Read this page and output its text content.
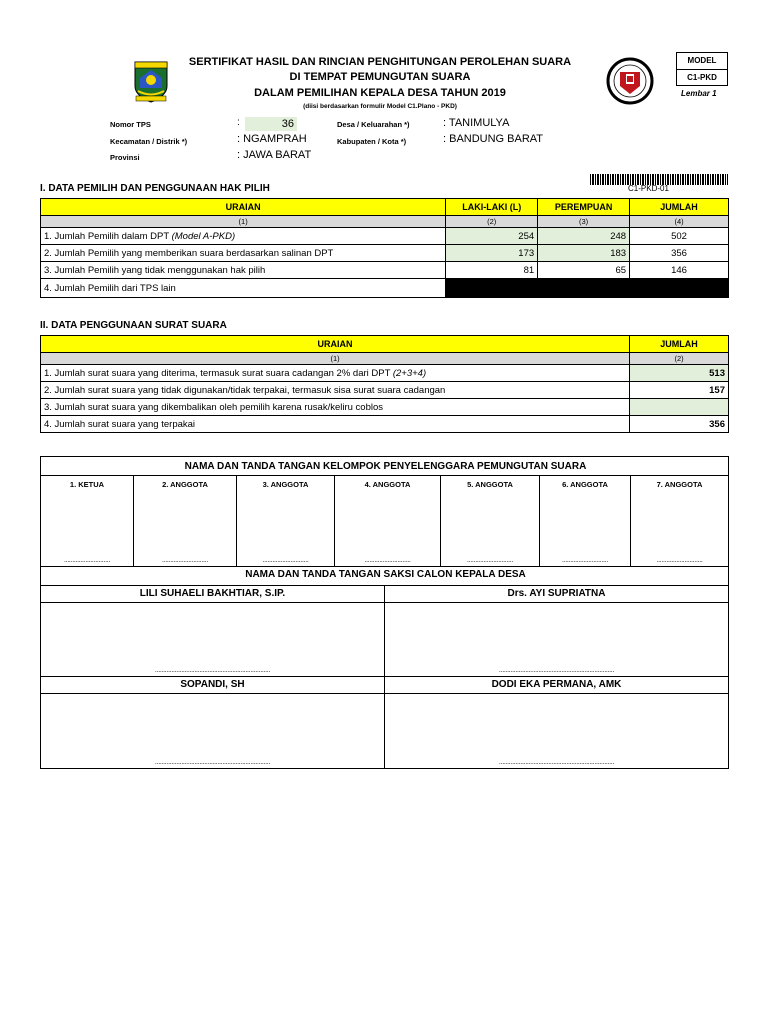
SERTIFIKAT HASIL DAN RINCIAN PENGHITUNGAN PEROLEHAN SUARA
DI TEMPAT PEMUNGUTAN SUARA
DALAM PEMILIHAN KEPALA DESA TAHUN 2019
(diisi berdasarkan formulir Model C1.Plano - PKD)
MODEL
C1-PKD
Lembar 1
Nomor TPS	:	36
Kecamatan / Distrik *)	: NGAMPRAH
Provinsi	: JAWA BARAT
Desa / Keluarahan *)	: TANIMULYA
Kabupaten / Kota *)	: BANDUNG BARAT
C1-PKD-01
I. DATA PEMILIH DAN PENGGUNAAN HAK PILIH
URAIAN	LAKI-LAKI (L)	PEREMPUAN	JUMLAH
(1)	(2)	(3)	(4)
1. Jumlah Pemilih dalam DPT (Model A-PKD)	254	248	502
2. Jumlah Pemilih yang memberikan suara berdasarkan salinan DPT	173	183	356
3. Jumlah Pemilih yang tidak menggunakan hak pilih	81	65	146
4. Jumlah Pemilih dari TPS lain			
II. DATA PENGGUNAAN SURAT SUARA
URAIAN	JUMLAH
(1)	(2)
1. Jumlah surat suara yang diterima, termasuk surat suara cadangan 2% dari DPT (2+3+4)	513
2. Jumlah surat suara yang tidak digunakan/tidak terpakai, termasuk sisa surat suara cadangan	157
3. Jumlah surat suara yang dikembalikan oleh pemilih karena rusak/keliru coblos	
4. Jumlah surat suara yang terpakai	356
NAMA DAN TANDA TANGAN KELOMPOK PENYELENGGARA PEMUNGUTAN SUARA
NAMA DAN TANDA TANGAN SAKSI CALON KEPALA DESA
1. KETUA
............................
2. ANGGOTA
............................
3. ANGGOTA
............................
4. ANGGOTA
............................
5. ANGGOTA
............................
6. ANGGOTA
............................
7. ANGGOTA
............................
LILI SUHAELI BAKHTIAR, S.IP.	Drs. AYI SUPRIATNA
......................................................................	......................................................................
SOPANDI, SH	DODI EKA PERMANA, AMK
......................................................................	......................................................................
